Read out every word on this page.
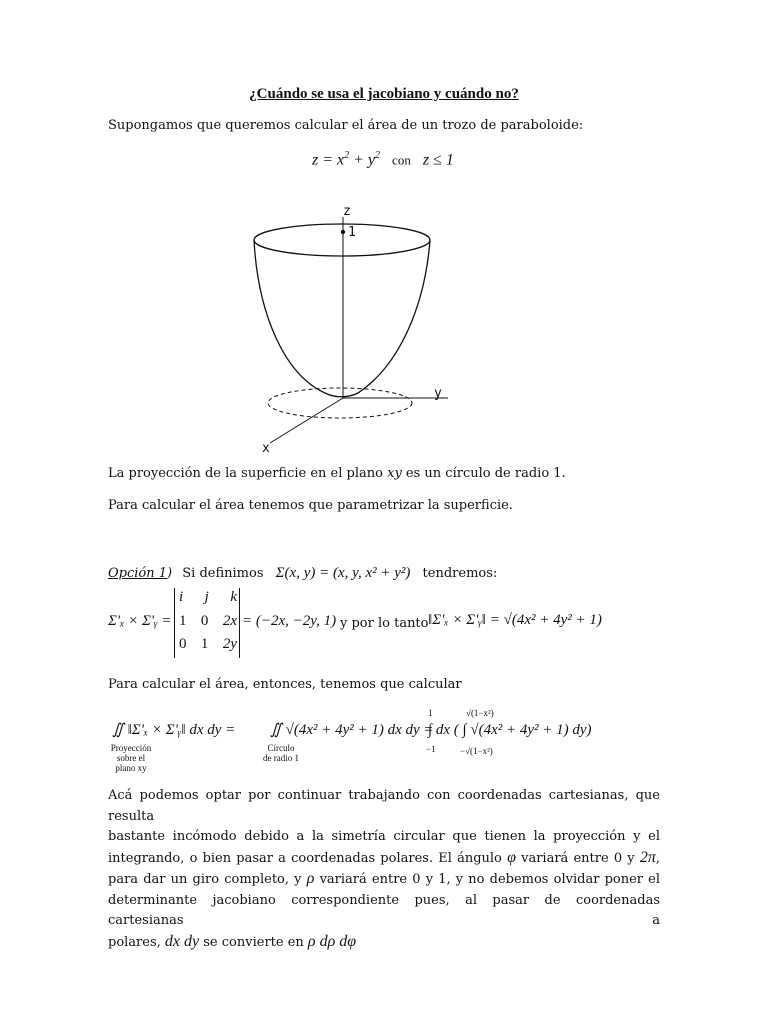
¿Cuándo se usa el jacobiano y cuándo no?
Supongamos que queremos calcular el área de un trozo de paraboloide:
$z = x^2 + y^2$ con z ≤ 1
z
1
y
x
La proyección de la superficie en el plano xy es un círculo de radio 1.
Para calcular el área tenemos que parametrizar la superficie.
Opción 1) Si definimos Σ(x, y) = (x, y, x² + y²) tendremos:
Σ'ₓ × Σ'ᵧ =
i j k
1 0 2x
0 1 2y
= (−2x, −2y, 1) y por lo tanto ‖Σ'ₓ × Σ'ᵧ‖ = √(4x² + 4y² + 1)
Para calcular el área, entonces, tenemos que calcular
∬ ‖Σ'ₓ × Σ'ᵧ‖ dx dy =
Proyección
sobre el
plano xy
∬ √(4x² + 4y² + 1) dx dy =
Círculo
de radio 1
1
−1
√(1−x²)
−√(1−x²)
∫ dx ( ∫ √(4x² + 4y² + 1) dy)
Acá podemos optar por continuar trabajando con coordenadas cartesianas, que resulta
bastante incómodo debido a la simetría circular que tienen la proyección y el
integrando, o bien pasar a coordenadas polares. El ángulo φ variará entre 0 y 2π,
para dar un giro completo, y ρ variará entre 0 y 1, y no debemos olvidar poner el
determinante jacobiano correspondiente pues, al pasar de coordenadas cartesianas a
polares, dx dy se convierte en ρ dρ dφ
